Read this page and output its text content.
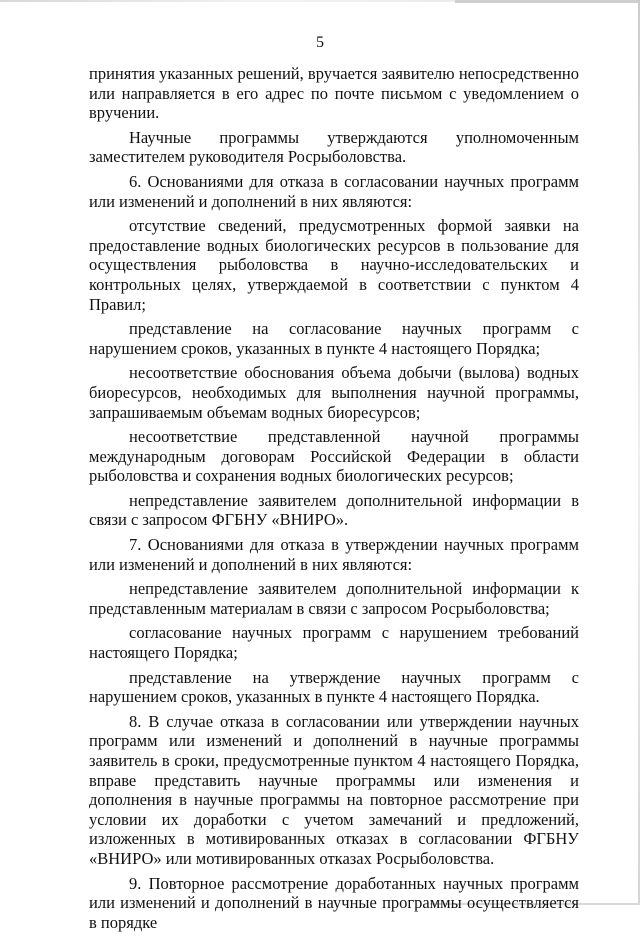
5

принятия указанных решений, вручается заявителю непосредственно или направляется в его адрес по почте письмом с уведомлением о вручении.

Научные программы утверждаются уполномоченным заместителем руководителя Росрыболовства.

6. Основаниями для отказа в согласовании научных программ или изменений и дополнений в них являются:

отсутствие сведений, предусмотренных формой заявки на предоставление водных биологических ресурсов в пользование для осуществления рыболовства в научно-исследовательских и контрольных целях, утверждаемой в соответствии с пунктом 4 Правил;

представление на согласование научных программ с нарушением сроков, указанных в пункте 4 настоящего Порядка;

несоответствие обоснования объема добычи (вылова) водных биоресурсов, необходимых для выполнения научной программы, запрашиваемым объемам водных биоресурсов;

несоответствие представленной научной программы международным договорам Российской Федерации в области рыболовства и сохранения водных биологических ресурсов;

непредставление заявителем дополнительной информации в связи с запросом ФГБНУ «ВНИРО».

7. Основаниями для отказа в утверждении научных программ или изменений и дополнений в них являются:

непредставление заявителем дополнительной информации к представленным материалам в связи с запросом Росрыболовства;

согласование научных программ с нарушением требований настоящего Порядка;

представление на утверждение научных программ с нарушением сроков, указанных в пункте 4 настоящего Порядка.

8. В случае отказа в согласовании или утверждении научных программ или изменений и дополнений в научные программы заявитель в сроки, предусмотренные пунктом 4 настоящего Порядка, вправе представить научные программы или изменения и дополнения в научные программы на повторное рассмотрение при условии их доработки с учетом замечаний и предложений, изложенных в мотивированных отказах в согласовании ФГБНУ «ВНИРО» или мотивированных отказах Росрыболовства.

9. Повторное рассмотрение доработанных научных программ или изменений и дополнений в научные программы осуществляется в порядке
